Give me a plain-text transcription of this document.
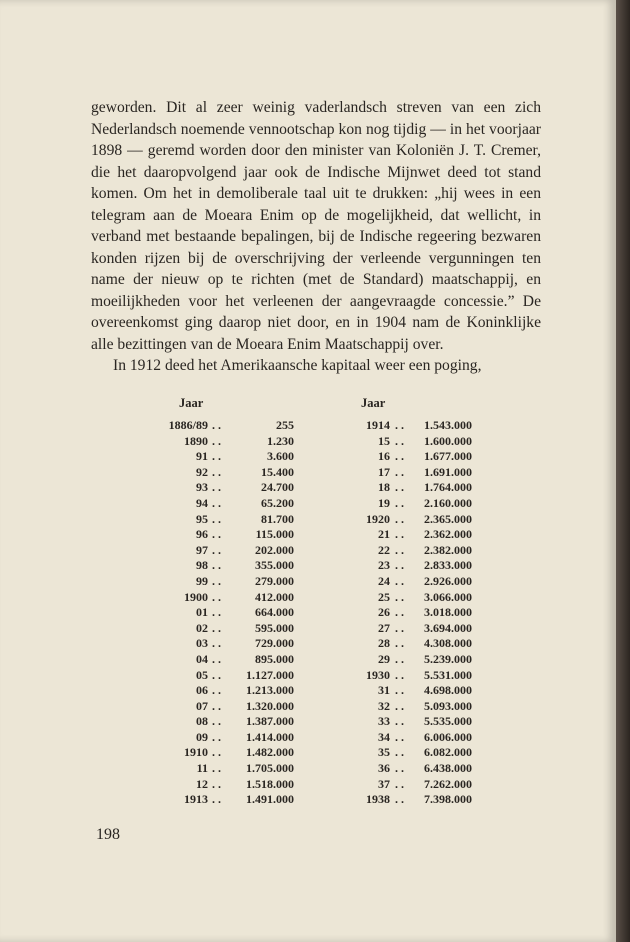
geworden. Dit al zeer weinig vaderlandsch streven van een zich Nederlandsch noemende vennootschap kon nog tijdig — in het voorjaar 1898 — geremd worden door den minister van Koloniën J. T. Cremer, die het daaropvolgend jaar ook de Indische Mijnwet deed tot stand komen. Om het in demoliberale taal uit te drukken: „hij wees in een telegram aan de Moeara Enim op de mogelijkheid, dat wellicht, in verband met bestaande bepalingen, bij de Indische regeering bezwaren konden rijzen bij de overschrijving der verleende vergunningen ten name der nieuw op te richten (met de Standard) maatschappij, en moeilijkheden voor het verleenen der aangevraagde concessie.” De overeenkomst ging daarop niet door, en in 1904 nam de Koninklijke alle bezittingen van de Moeara Enim Maatschappij over.

In 1912 deed het Amerikaansche kapitaal weer een poging,

Jaar
1886/89 . .	255
1890 . .	1.230
91 . .	3.600
92 . .	15.400
93 . .	24.700
94 . .	65.200
95 . .	81.700
96 . .	115.000
97 . .	202.000
98 . .	355.000
99 . .	279.000
1900 . .	412.000
01 . .	664.000
02 . .	595.000
03 . .	729.000
04 . .	895.000
05 . .	1.127.000
06 . .	1.213.000
07 . .	1.320.000
08 . .	1.387.000
09 . .	1.414.000
1910 . .	1.482.000
11 . .	1.705.000
12 . .	1.518.000
1913 . .	1.491.000
Jaar
1914 . .	1.543.000
15 . .	1.600.000
16 . .	1.677.000
17 . .	1.691.000
18 . .	1.764.000
19 . .	2.160.000
1920 . .	2.365.000
21 . .	2.362.000
22 . .	2.382.000
23 . .	2.833.000
24 . .	2.926.000
25 . .	3.066.000
26 . .	3.018.000
27 . .	3.694.000
28 . .	4.308.000
29 . .	5.239.000
1930 . .	5.531.000
31 . .	4.698.000
32 . .	5.093.000
33 . .	5.535.000
34 . .	6.006.000
35 . .	6.082.000
36 . .	6.438.000
37 . .	7.262.000
1938 . .	7.398.000
198
